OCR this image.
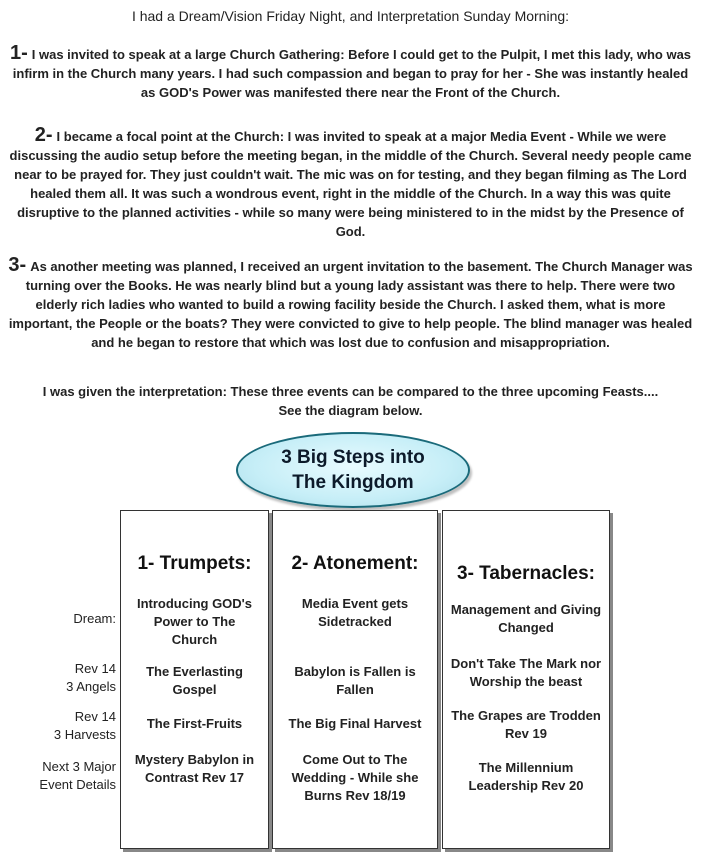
I had a Dream/Vision Friday Night, and Interpretation Sunday Morning:
1- I was invited to speak at a large Church Gathering: Before I could get to the Pulpit, I met this lady, who was infirm in the Church many years. I had such compassion and began to pray for her - She was instantly healed as GOD's Power was manifested there near the Front of the Church.
2- I became a focal point at the Church: I was invited to speak at a major Media Event - While we were discussing the audio setup before the meeting began, in the middle of the Church. Several needy people came near to be prayed for. They just couldn't wait. The mic was on for testing, and they began filming as The Lord healed them all. It was such a wondrous event, right in the middle of the Church. In a way this was quite disruptive to the planned activities - while so many were being ministered to in the midst by the Presence of God.
3- As another meeting was planned, I received an urgent invitation to the basement. The Church Manager was turning over the Books. He was nearly blind but a young lady assistant was there to help. There were two elderly rich ladies who wanted to build a rowing facility beside the Church. I asked them, what is more important, the People or the boats? They were convicted to give to help people. The blind manager was healed and he began to restore that which was lost due to confusion and misappropriation.
I was given the interpretation: These three events can be compared to the three upcoming Feasts....
See the diagram below.
3 Big Steps into
The Kingdom
Dream:
Rev 14
3 Angels
Rev 14
3 Harvests
Next 3 Major
Event Details
1- Trumpets:
Introducing GOD's
Power to The
Church
The Everlasting
Gospel
The First-Fruits
Mystery Babylon in
Contrast Rev 17
2- Atonement:
Media Event gets
Sidetracked
Babylon is Fallen is
Fallen
The Big Final Harvest
Come Out to The
Wedding - While she
Burns Rev 18/19
3- Tabernacles:
Management and Giving
Changed
Don't Take The Mark nor
Worship the beast
The Grapes are Trodden
Rev 19
The Millennium
Leadership Rev 20
